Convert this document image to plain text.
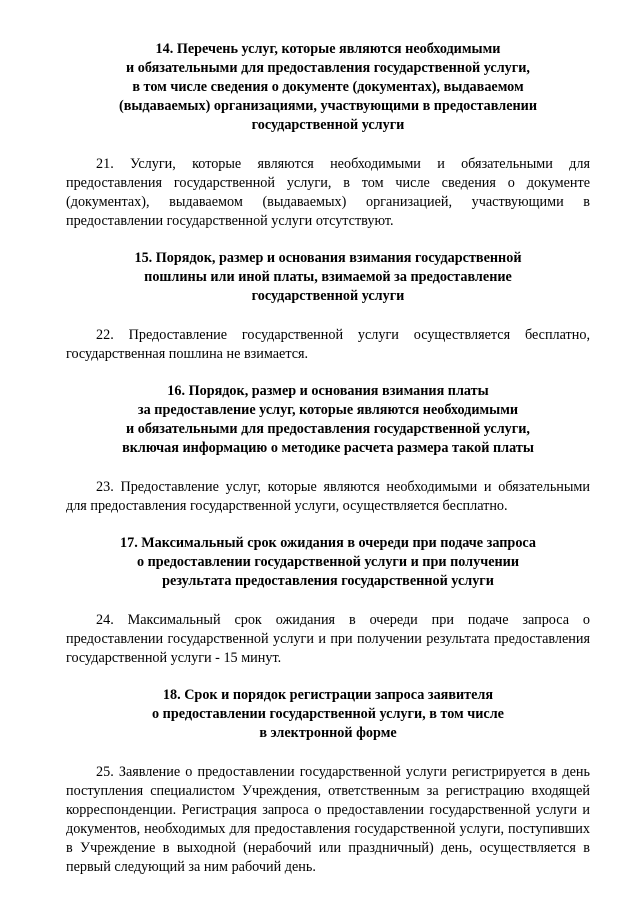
14. Перечень услуг, которые являются необходимыми
и обязательными для предоставления государственной услуги,
в том числе сведения о документе (документах), выдаваемом
(выдаваемых) организациями, участвующими в предоставлении
государственной услуги

21. Услуги, которые являются необходимыми и обязательными для предоставления государственной услуги, в том числе сведения о документе (документах), выдаваемом (выдаваемых) организацией, участвующими в предоставлении государственной услуги отсутствуют.

15. Порядок, размер и основания взимания государственной
пошлины или иной платы, взимаемой за предоставление
государственной услуги

22. Предоставление государственной услуги осуществляется бесплатно, государственная пошлина не взимается.

16. Порядок, размер и основания взимания платы
за предоставление услуг, которые являются необходимыми
и обязательными для предоставления государственной услуги,
включая информацию о методике расчета размера такой платы

23. Предоставление услуг, которые являются необходимыми и обязательными для предоставления государственной услуги, осуществляется бесплатно.

17. Максимальный срок ожидания в очереди при подаче запроса
о предоставлении государственной услуги и при получении
результата предоставления государственной услуги

24. Максимальный срок ожидания в очереди при подаче запроса о предоставлении государственной услуги и при получении результата предоставления государственной услуги - 15 минут.

18. Срок и порядок регистрации запроса заявителя
о предоставлении государственной услуги, в том числе
в электронной форме

25. Заявление о предоставлении государственной услуги регистрируется в день поступления специалистом Учреждения, ответственным за регистрацию входящей корреспонденции. Регистрация запроса о предоставлении государственной услуги и документов, необходимых для предоставления государственной услуги, поступивших в Учреждение в выходной (нерабочий или праздничный) день, осуществляется в первый следующий за ним рабочий день.
